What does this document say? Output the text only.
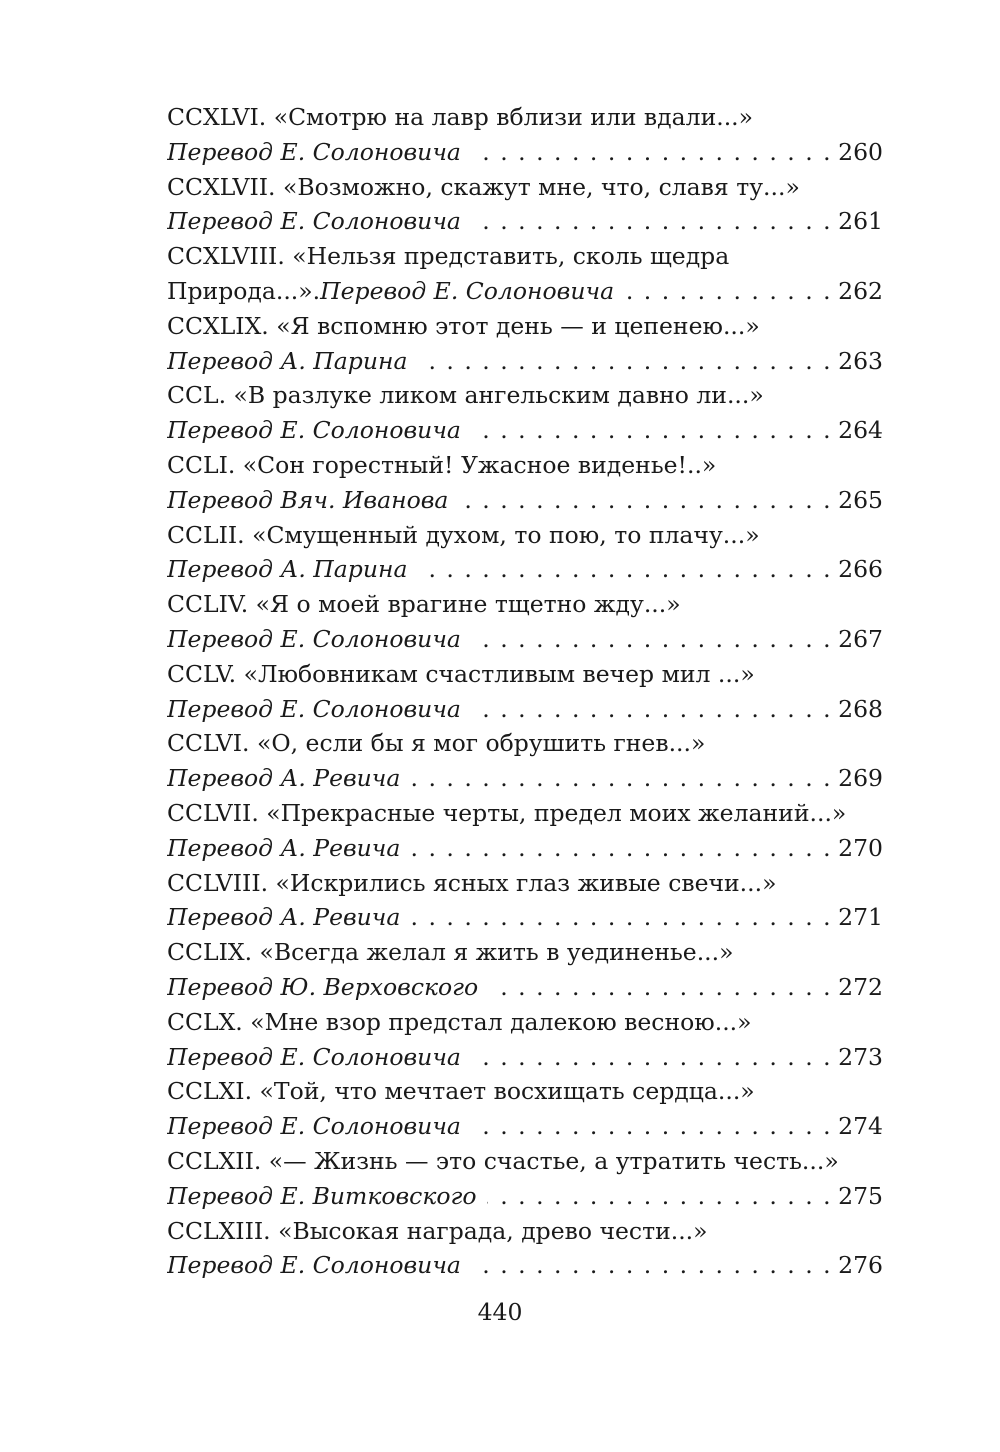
CCXLVI. «Смотрю на лавр вблизи или вдали...»
Перевод Е. Солоновича . . .	260
CCXLVII. «Возможно, скажут мне, что, славя ту...»
Перевод Е. Солоновича . . .	261
CCXLVIII. «Нельзя представить, сколь щедра
Природа...». Перевод Е. Солоновича . . .	262
CCXLIX. «Я вспомню этот день — и цепенею...»
Перевод А. Парина . . .	263
CCL. «В разлуке ликом ангельским давно ли...»
Перевод Е. Солоновича . . .	264
CCLI. «Сон горестный! Ужасное виденье!..»
Перевод Вяч. Иванова . . .	265
CCLII. «Смущенный духом, то пою, то плачу...»
Перевод А. Парина . . .	266
CCLIV. «Я о моей врагине тщетно жду...»
Перевод Е. Солоновича . . .	267
CCLV. «Любовникам счастливым вечер мил ...»
Перевод Е. Солоновича . . .	268
CCLVI. «О, если бы я мог обрушить гнев...»
Перевод А. Ревича . . .	269
CCLVII. «Прекрасные черты, предел моих желаний...»
Перевод А. Ревича . . .	270
CCLVIII. «Искрились ясных глаз живые свечи...»
Перевод А. Ревича . . .	271
CCLIX. «Всегда желал я жить в уединенье...»
Перевод Ю. Верховского . . .	272
CCLX. «Мне взор предстал далекою весною...»
Перевод Е. Солоновича . . .	273
CCLXI. «Той, что мечтает восхищать сердца...»
Перевод Е. Солоновича . . .	274
CCLXII. «— Жизнь — это счастье, а утратить честь...»
Перевод Е. Витковского . . .	275
CCLXIII. «Высокая награда, древо чести...»
Перевод Е. Солоновича . . .	276
440
